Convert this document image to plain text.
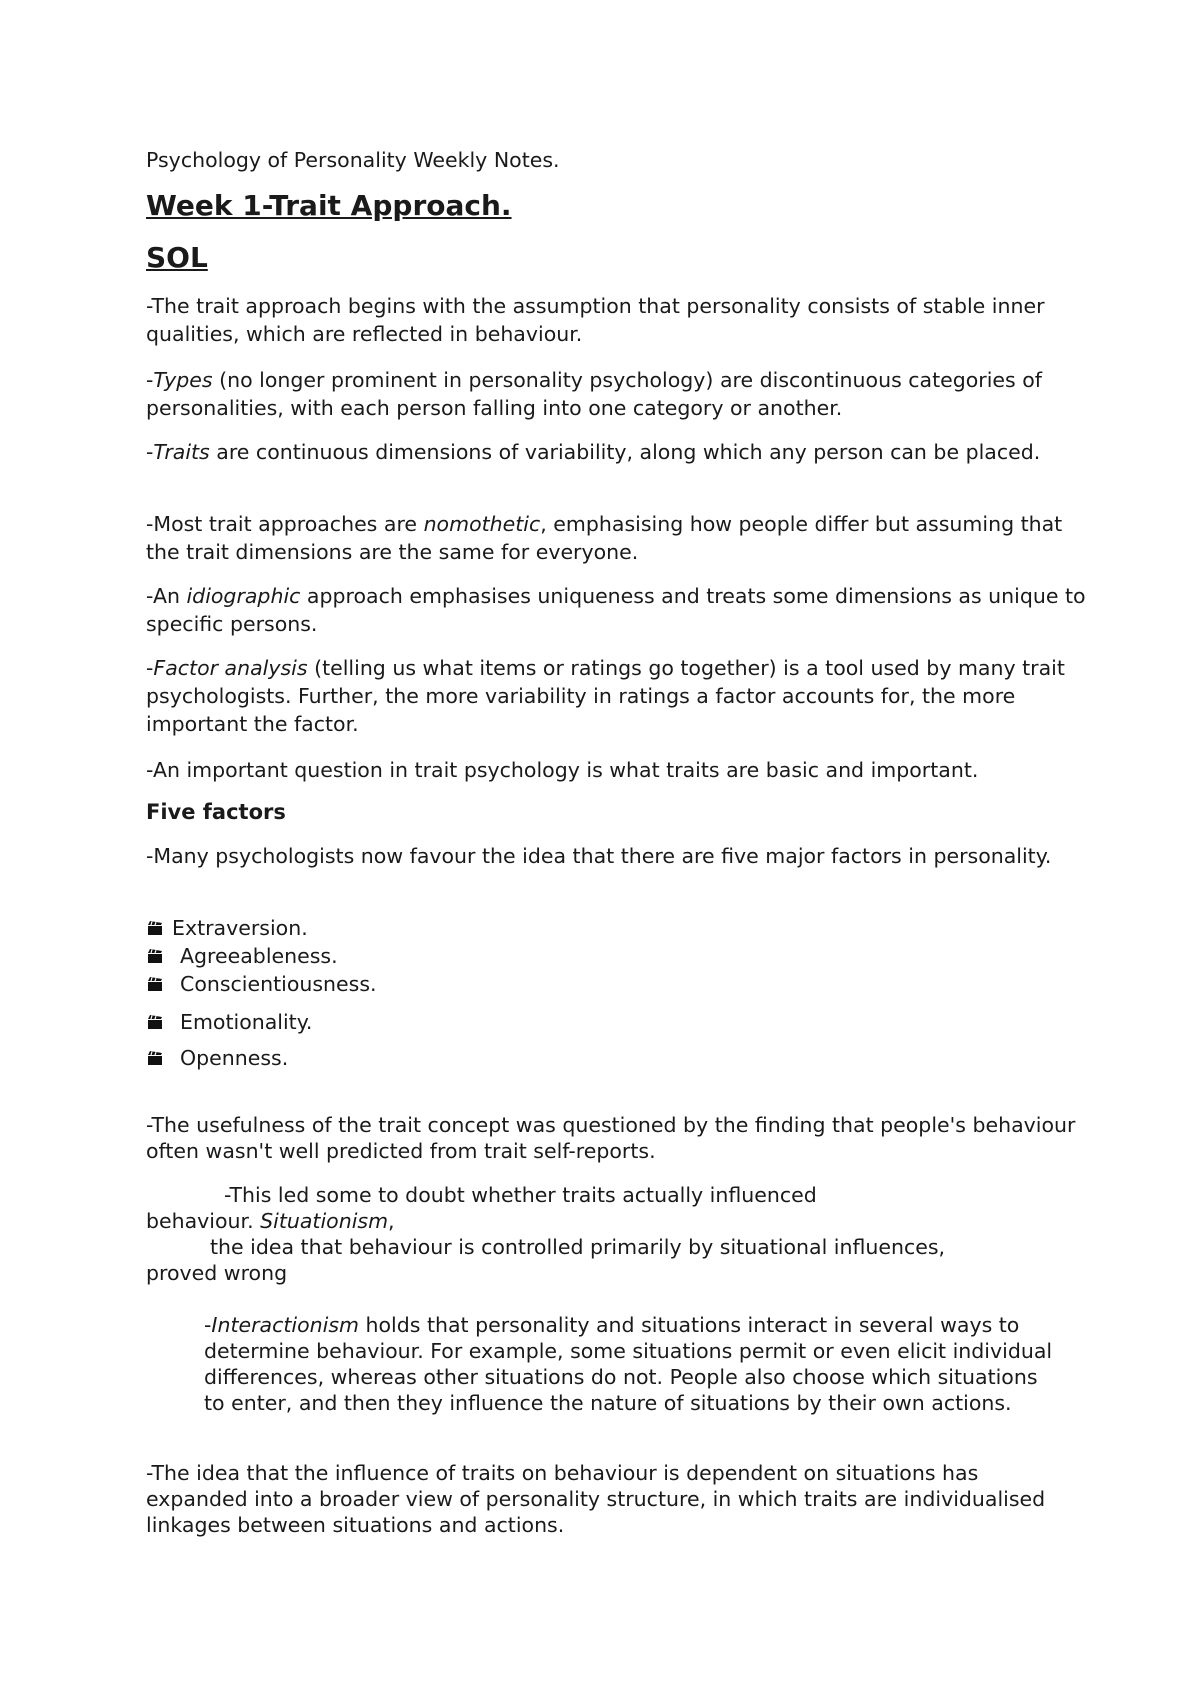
Psychology of Personality Weekly Notes.

Week 1-Trait Approach.
SOL

-The trait approach begins with the assumption that personality consists of stable inner qualities, which are reflected in behaviour.

-Types (no longer prominent in personality psychology) are discontinuous categories of personalities, with each person falling into one category or another.

-Traits are continuous dimensions of variability, along which any person can be placed.

-Most trait approaches are nomothetic, emphasising how people differ but assuming that the trait dimensions are the same for everyone.

-An idiographic approach emphasises uniqueness and treats some dimensions as unique to specific persons.

-Factor analysis (telling us what items or ratings go together) is a tool used by many trait psychologists. Further, the more variability in ratings a factor accounts for, the more important the factor.

-An important question in trait psychology is what traits are basic and important.

Five factors

-Many psychologists now favour the idea that there are five major factors in personality.

Extraversion.
Agreeableness.
Conscientiousness.
Emotionality.
Openness.

-The usefulness of the trait concept was questioned by the finding that people's behaviour often wasn't well predicted from trait self-reports.

-This led some to doubt whether traits actually influenced

behaviour. Situationism,

the idea that behaviour is controlled primarily by situational influences,

proved wrong

-Interactionism holds that personality and situations interact in several ways to determine behaviour. For example, some situations permit or even elicit individual differences, whereas other situations do not. People also choose which situations to enter, and then they influence the nature of situations by their own actions.

-The idea that the influence of traits on behaviour is dependent on situations has expanded into a broader view of personality structure, in which traits are individualised linkages between situations and actions.
